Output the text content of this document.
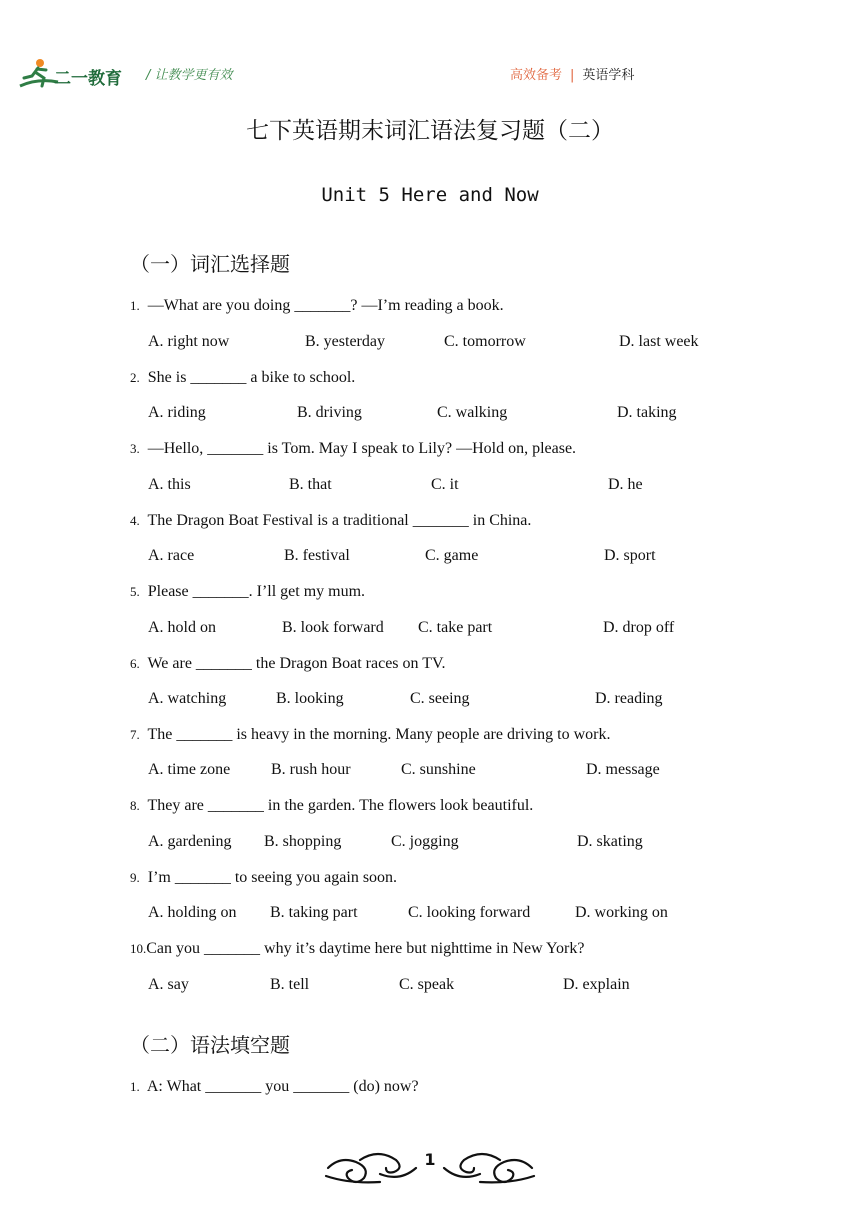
二一教育 / 让教学更有效	高效备考 | 英语学科
七下英语期末词汇语法复习题（二）
Unit 5 Here and Now
（一）词汇选择题
1. —What are you doing _______? —I’m reading a book.
A. right now	B. yesterday	C. tomorrow	D. last week
2. She is _______ a bike to school.
A. riding	B. driving	C. walking	D. taking
3. —Hello, _______ is Tom. May I speak to Lily? —Hold on, please.
A. this	B. that	C. it	D. he
4. The Dragon Boat Festival is a traditional _______ in China.
A. race	B. festival	C. game	D. sport
5. Please _______. I’ll get my mum.
A. hold on	B. look forward C. take part	D. drop off
6. We are _______ the Dragon Boat races on TV.
A. watching	B. looking	C. seeing	D. reading
7. The _______ is heavy in the morning. Many people are driving to work.
A. time zone	B. rush hour	C. sunshine	D. message
8. They are _______ in the garden. The flowers look beautiful.
A. gardening B. shopping	C. jogging	D. skating
9. I’m _______ to seeing you again soon.
A. holding on B. taking part	C. looking forward	D. working on
10.Can you _______ why it’s daytime here but nighttime in New York?
A. say	B. tell	C. speak	D. explain
（二）语法填空题
1. A: What _______ you _______ (do) now?
1
